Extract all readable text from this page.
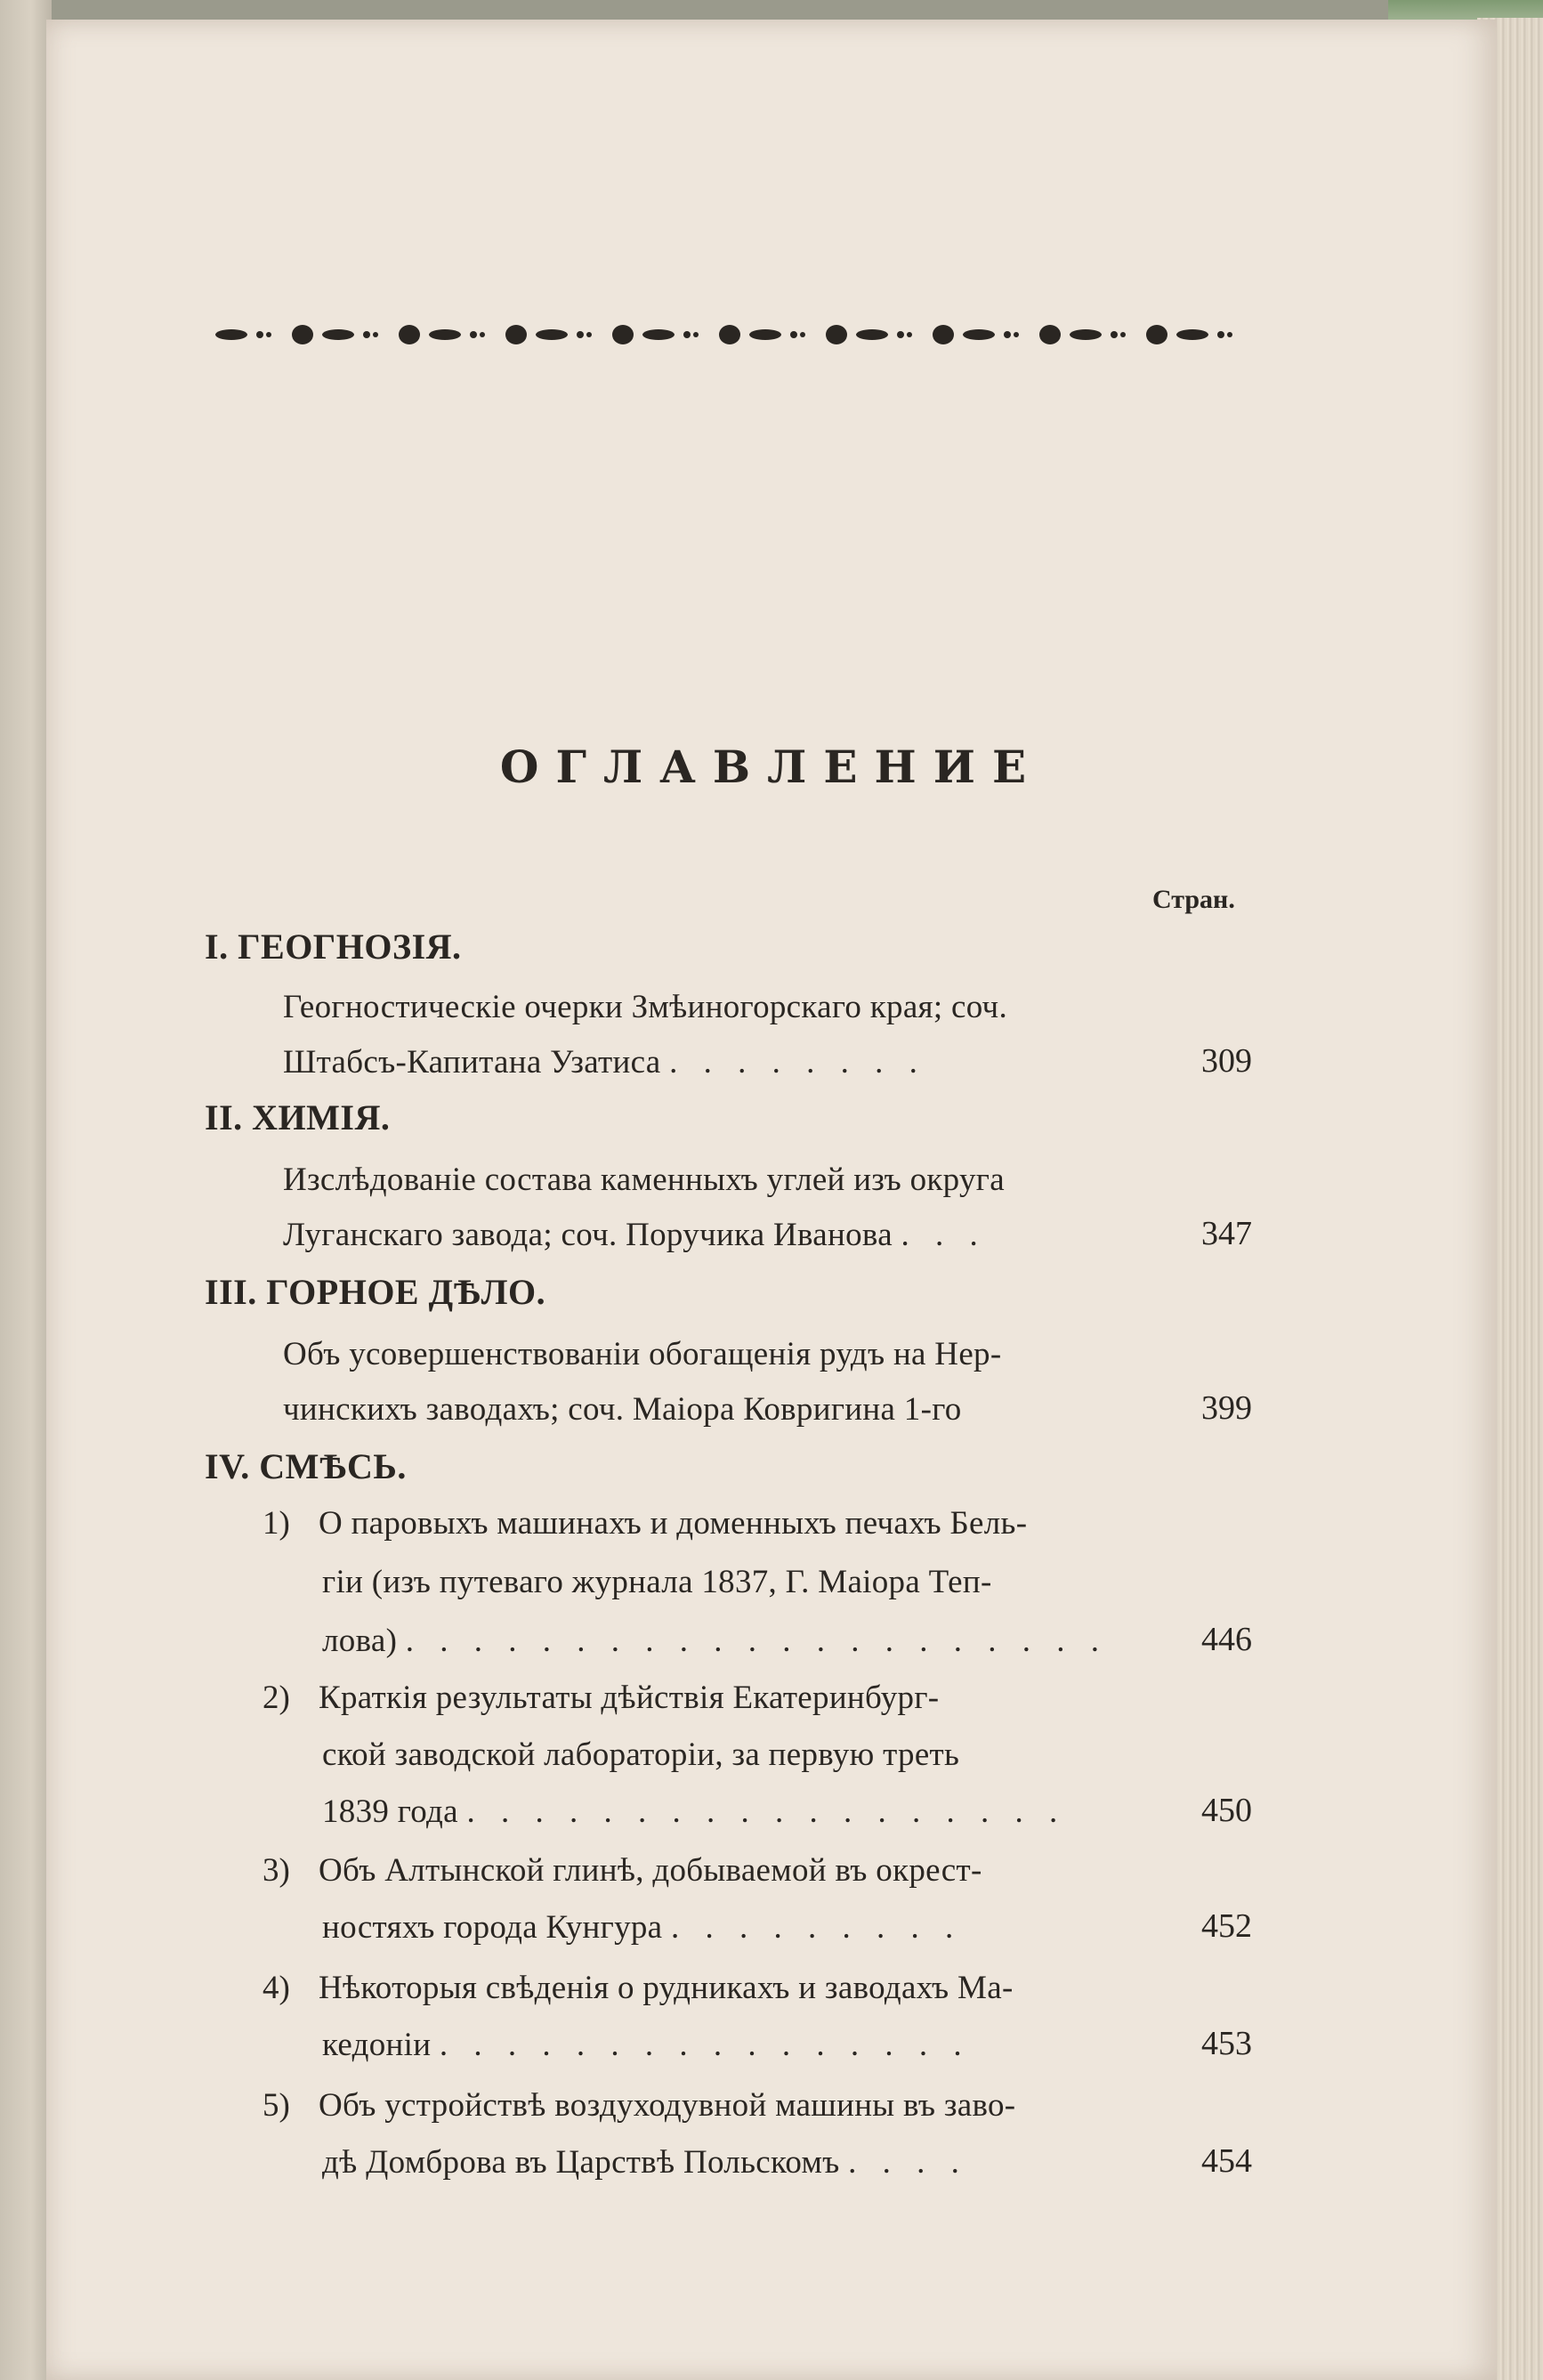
ОГЛАВЛЕНИЕ
Стран.
I. ГЕОГНОЗІЯ.
Геогностическіе очерки Змѣиногорскаго края; соч.
Штабсъ-Капитана Узатиса . . . . . . . .	309
II. ХИМІЯ.
Изслѣдованіе состава каменныхъ углей изъ округа
Луганскаго завода; соч. Поручика Иванова . . .	347
III. ГОРНОЕ ДѢЛО.
Объ усовершенствованіи обогащенія рудъ на Нер-
чинскихъ заводахъ; соч. Маіора Ковригина 1-го	399
IV. СМѢСЬ.
1) О паровыхъ машинахъ и доменныхъ печахъ Бель-
гіи (изъ путеваго журнала 1837, Г. Маіора Теп-
лова) . . . . . . . . . . . . . . . . . . . . .	446
2) Краткія результаты дѣйствія Екатеринбург-
ской заводской лабораторіи, за первую треть
1839 года . . . . . . . . . . . . . . . . . .	450
3) Объ Алтынской глинѣ, добываемой въ окрест-
ностяхъ города Кунгура . . . . . . . . .	452
4) Нѣкоторыя свѣденія о рудникахъ и заводахъ Ма-
кедоніи . . . . . . . . . . . . . . . .	453
5) Объ устройствѣ воздуходувной машины въ заво-
дѣ Домброва въ Царствѣ Польскомъ . . . .	454
